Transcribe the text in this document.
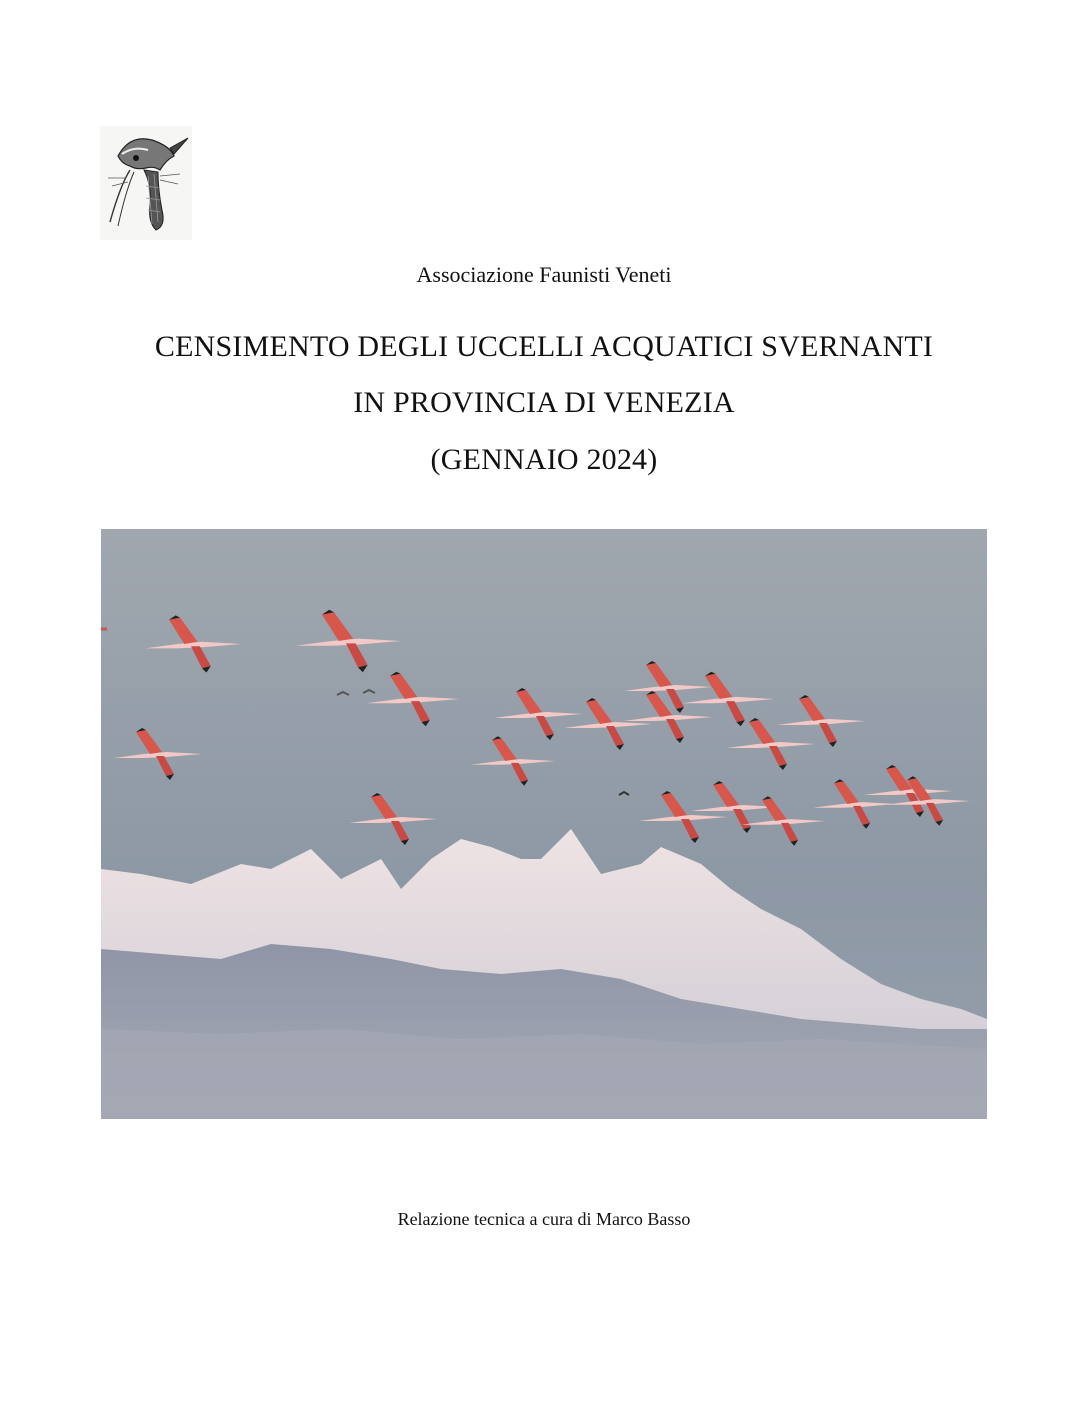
Associazione Faunisti Veneti
CENSIMENTO DEGLI UCCELLI ACQUATICI SVERNANTI
IN PROVINCIA DI VENEZIA
(GENNAIO 2024)
Relazione tecnica a cura di Marco Basso
